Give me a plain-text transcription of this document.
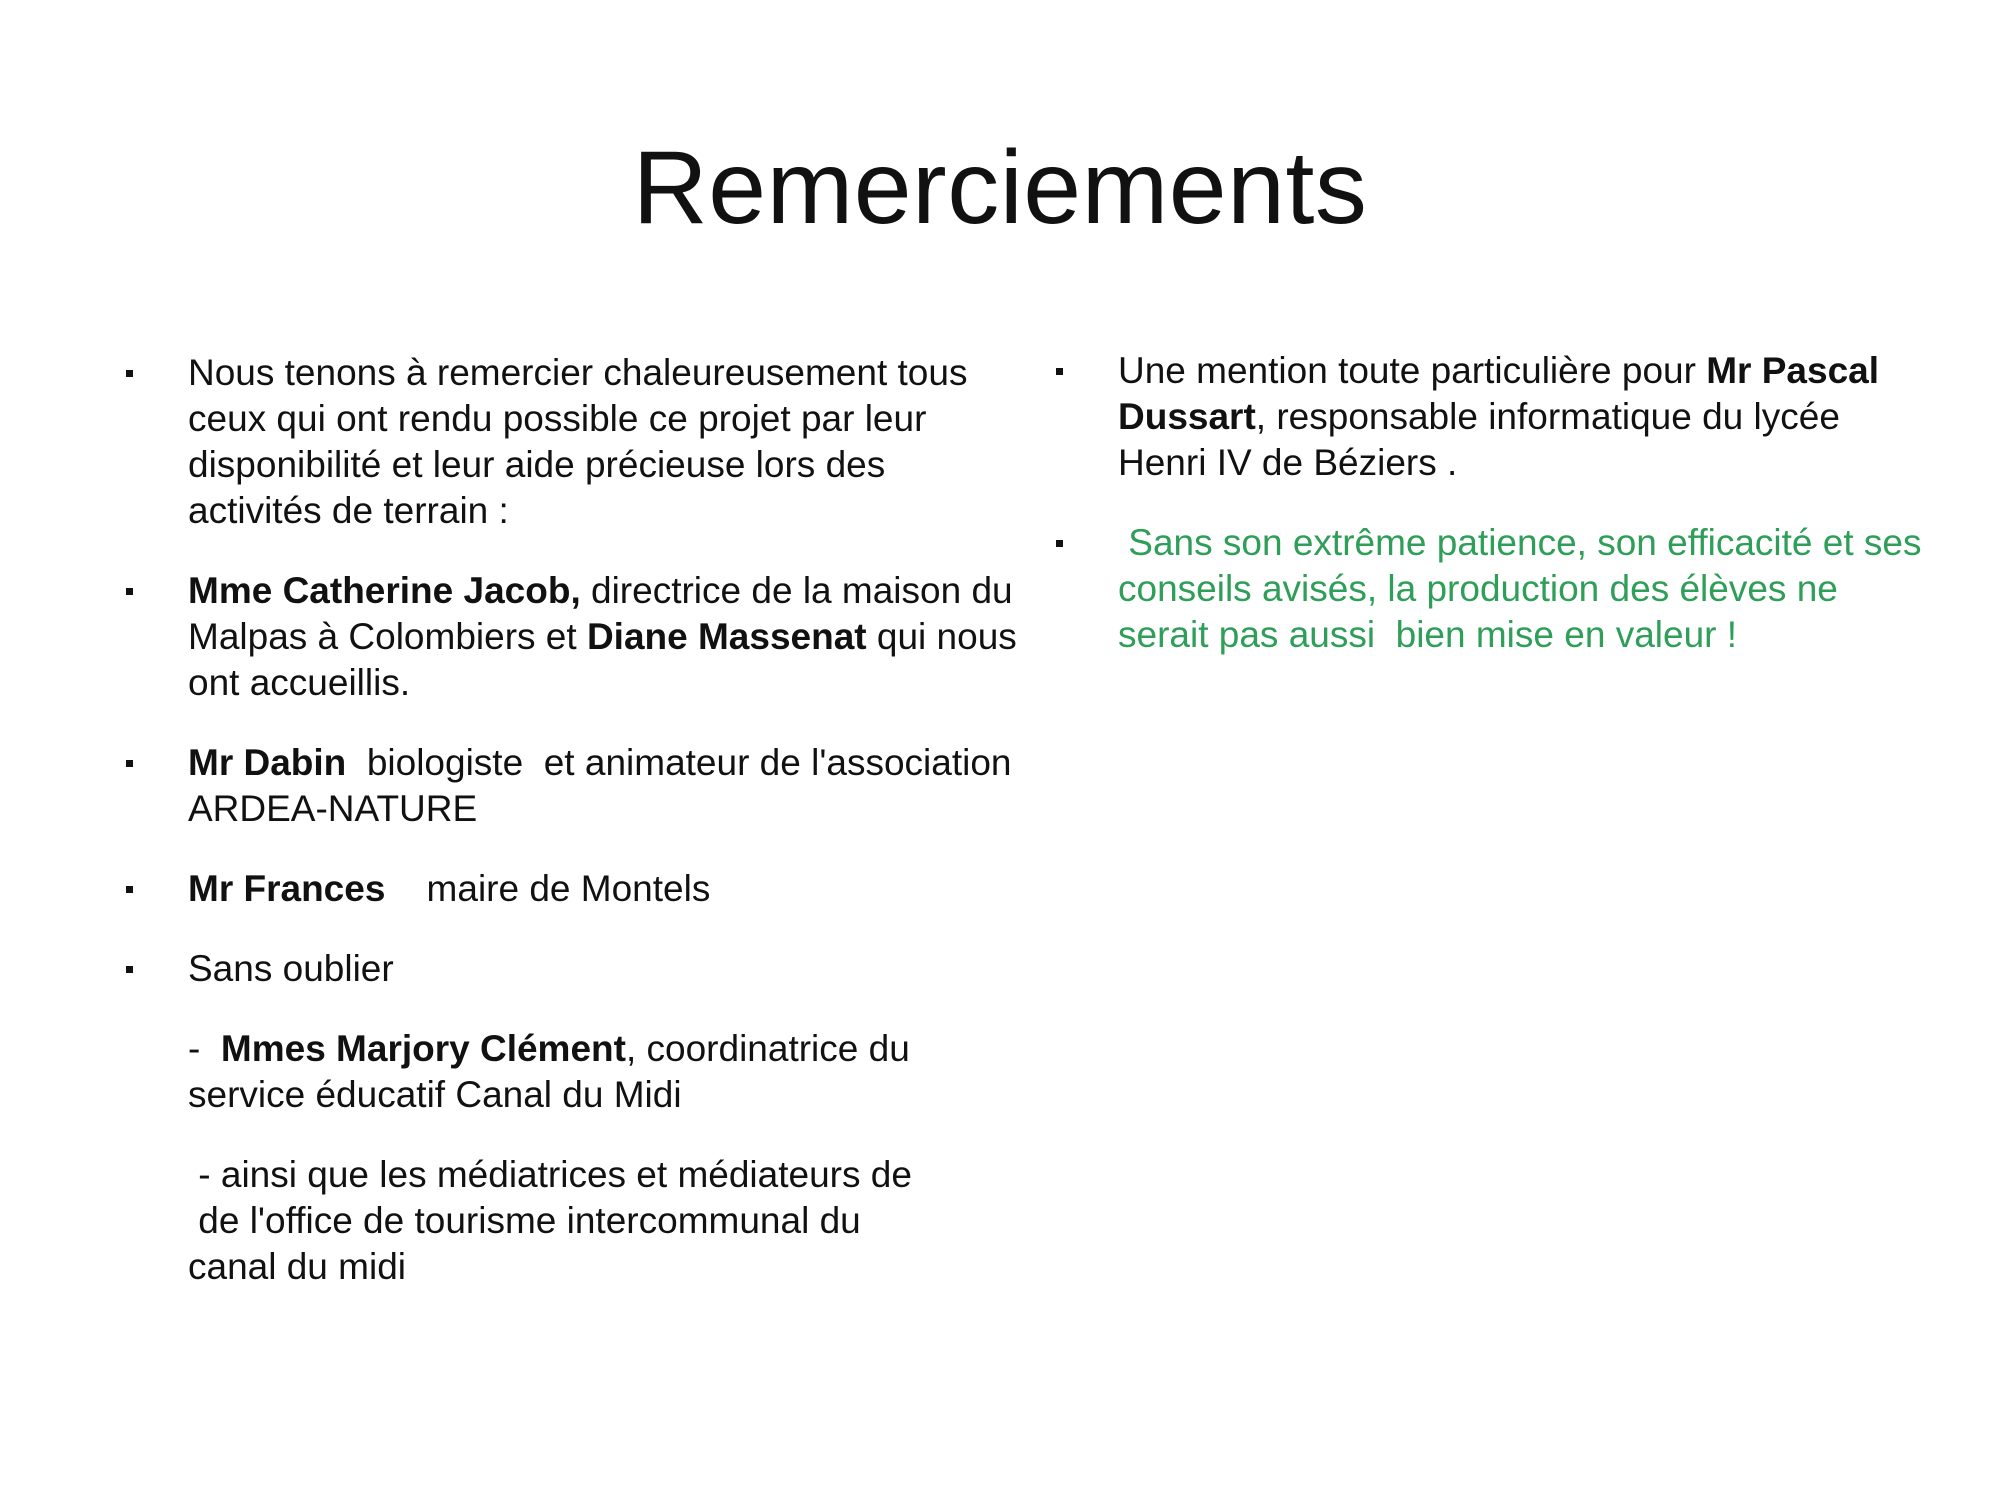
Remerciements
Nous tenons à remercier chaleureusement tous ceux qui ont rendu possible ce projet par leur disponibilité et leur aide précieuse lors des activités de terrain :
Mme Catherine Jacob, directrice de la maison du Malpas à Colombiers et Diane Massenat qui nous ont accueillis.
Mr Dabin  biologiste  et animateur de l'association ARDEA-NATURE
Mr Frances    maire de Montels
Sans oublier
-  Mmes Marjory Clément, coordinatrice du service éducatif Canal du Midi
- ainsi que les médiatrices et médiateurs de
de l'office de tourisme intercommunal du
canal du midi
Une mention toute particulière pour Mr Pascal Dussart, responsable informatique du lycée Henri IV de Béziers .
Sans son extrême patience, son efficacité et ses conseils avisés, la production des élèves ne serait pas aussi  bien mise en valeur !
